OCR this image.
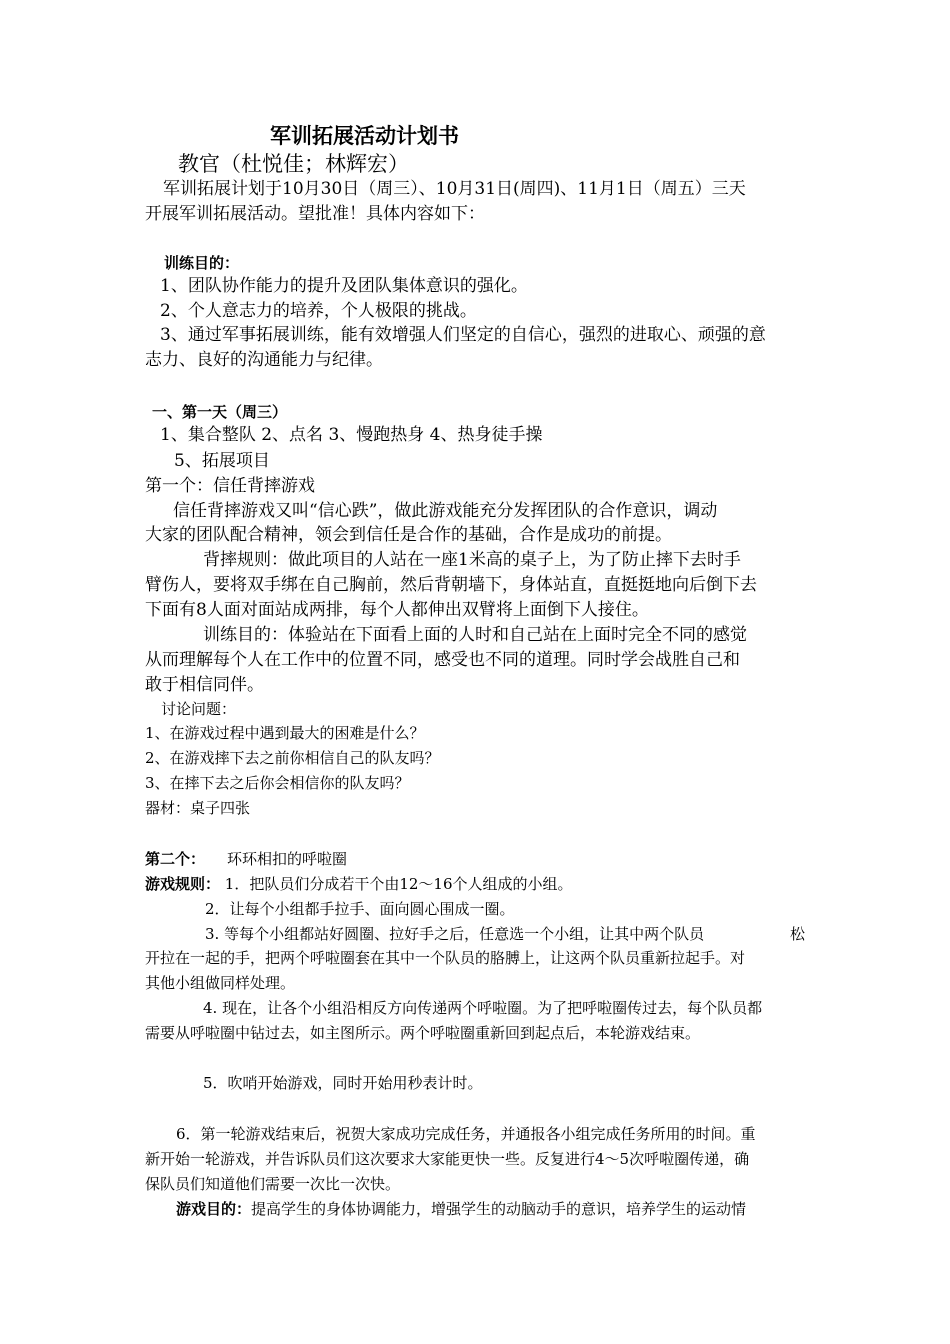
军训拓展活动计划书
教官（杜悦佳；林辉宏）
军训拓展计划于10月30日（周三）、10月31日(周四)、11月1日（周五）三天
开展军训拓展活动。望批准！具体内容如下：
训练目的：
1、团队协作能力的提升及团队集体意识的强化。
2、个人意志力的培养，个人极限的挑战。
3、通过军事拓展训练，能有效增强人们坚定的自信心，强烈的进取心、顽强的意
志力、良好的沟通能力与纪律。
一、第一天（周三）
1、集合整队 2、点名 3、慢跑热身 4、热身徒手操
5、拓展项目
第一个：信任背摔游戏
信任背摔游戏又叫“信心跌”，做此游戏能充分发挥团队的合作意识，调动
大家的团队配合精神，领会到信任是合作的基础，合作是成功的前提。
背摔规则：做此项目的人站在一座1米高的桌子上，为了防止摔下去时手
臂伤人，要将双手绑在自己胸前，然后背朝墙下，身体站直，直挺挺地向后倒下去
下面有8人面对面站成两排，每个人都伸出双臂将上面倒下人接住。
训练目的：体验站在下面看上面的人时和自己站在上面时完全不同的感觉
从而理解每个人在工作中的位置不同，感受也不同的道理。同时学会战胜自己和
敢于相信同伴。
讨论问题：
1、在游戏过程中遇到最大的困难是什么？
2、在游戏摔下去之前你相信自己的队友吗？
3、在摔下去之后你会相信你的队友吗？
器材：桌子四张
第二个： 环环相扣的呼啦圈
游戏规则： 1．把队员们分成若干个由12～16个人组成的小组。
2．让每个小组都手拉手、面向圆心围成一圈。
3. 等每个小组都站好圆圈、拉好手之后，任意选一个小组，让其中两个队员	松
开拉在一起的手，把两个呼啦圈套在其中一个队员的胳膊上，让这两个队员重新拉起手。对
其他小组做同样处理。
4. 现在，让各个小组沿相反方向传递两个呼啦圈。为了把呼啦圈传过去，每个队员都
需要从呼啦圈中钻过去，如主图所示。两个呼啦圈重新回到起点后，本轮游戏结束。
5．吹哨开始游戏，同时开始用秒表计时。
6．第一轮游戏结束后，祝贺大家成功完成任务，并通报各小组完成任务所用的时间。重
新开始一轮游戏，并告诉队员们这次要求大家能更快一些。反复进行4～5次呼啦圈传递，确
保队员们知道他们需要一次比一次快。
游戏目的：提高学生的身体协调能力，增强学生的动脑动手的意识，培养学生的运动情
